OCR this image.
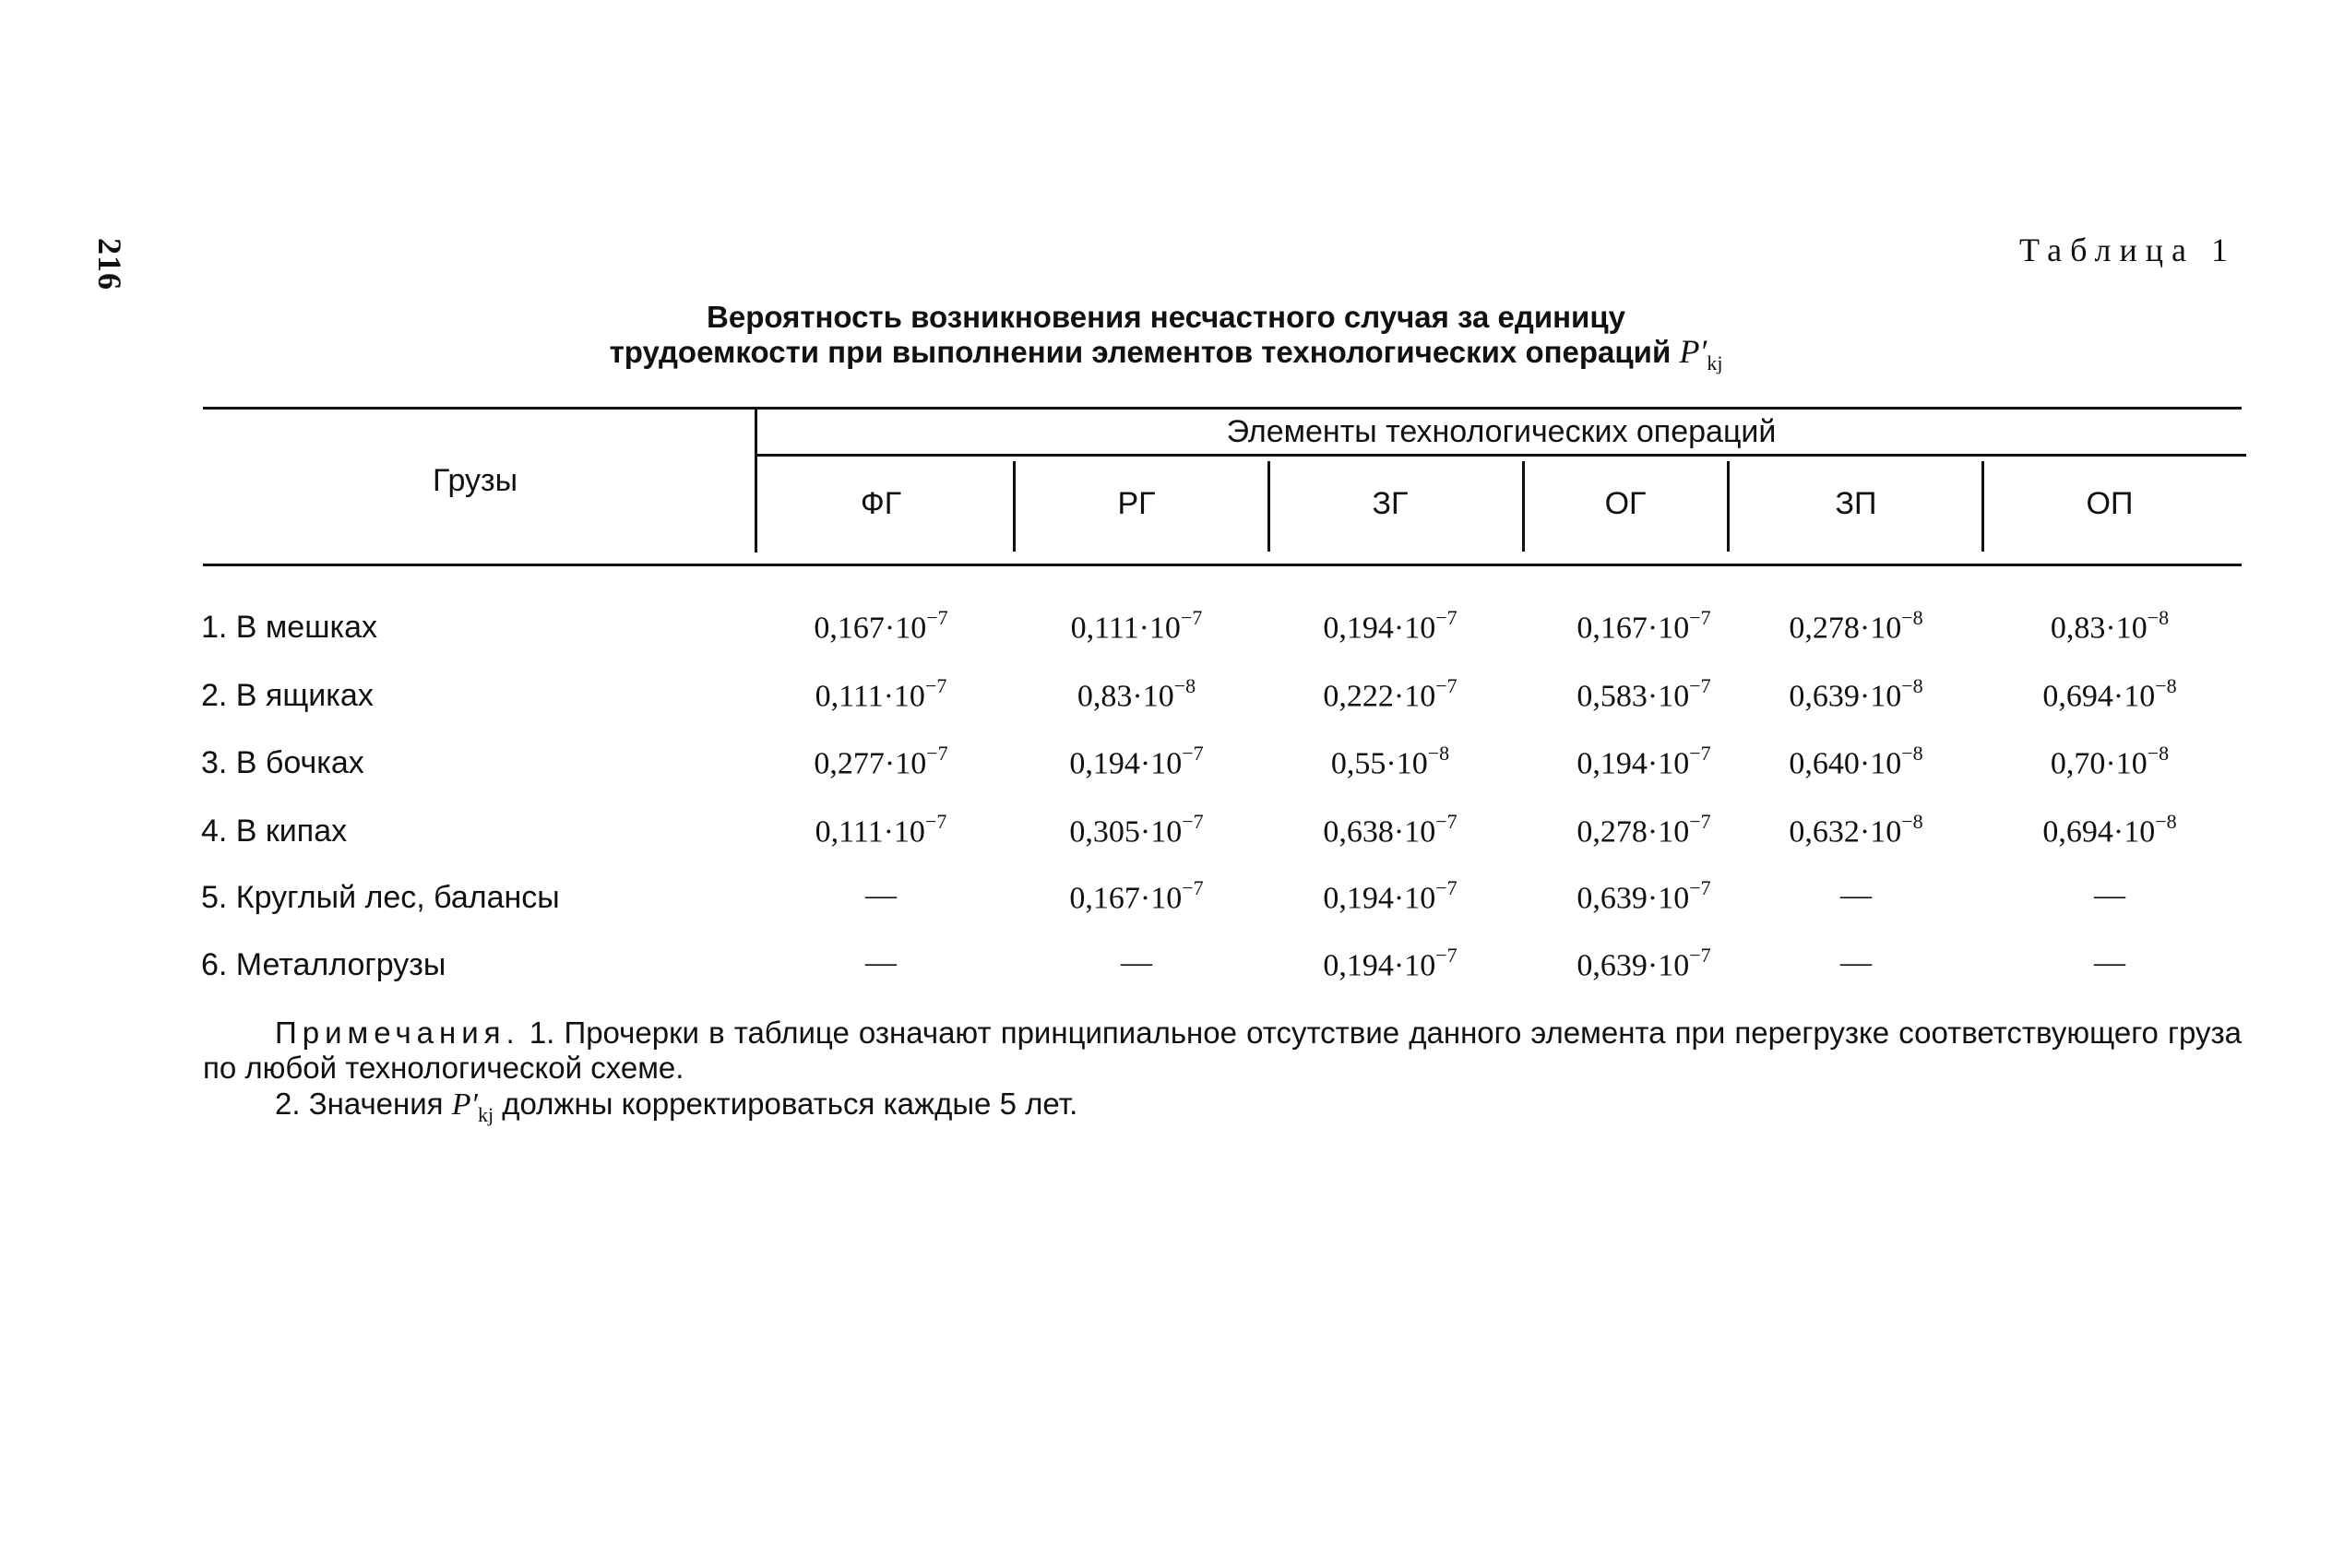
216	Таблица 1
Вероятность возникновения несчастного случая за единицу
трудоемкости при выполнении элементов технологических операций $P'_{kj}$
Грузы
Элементы технологических операций
ФГ	РГ	ЗГ	ОГ	ЗП	ОП
1. В мешках	$0,167\cdot 10^{-7}$	$0,111\cdot 10^{-7}$	$0,194\cdot 10^{-7}$	$0,167\cdot 10^{-7}$	$0,278\cdot 10^{-8}$	$0,83\cdot 10^{-8}$
2. В ящиках	$0,111\cdot 10^{-7}$	$0,83\cdot 10^{-8}$	$0,222\cdot 10^{-7}$	$0,583\cdot 10^{-7}$	$0,639\cdot 10^{-8}$	$0,694\cdot 10^{-8}$
3. В бочках	$0,277\cdot 10^{-7}$	$0,194\cdot 10^{-7}$	$0,55\cdot 10^{-8}$	$0,194\cdot 10^{-7}$	$0,640\cdot 10^{-8}$	$0,70\cdot 10^{-8}$
4. В кипах	$0,111\cdot 10^{-7}$	$0,305\cdot 10^{-7}$	$0,638\cdot 10^{-7}$	$0,278\cdot 10^{-7}$	$0,632\cdot 10^{-8}$	$0,694\cdot 10^{-8}$
5. Круглый лес, балансы	—	$0,167\cdot 10^{-7}$	$0,194\cdot 10^{-7}$	$0,639\cdot 10^{-7}$	—	—
6. Металлогрузы	—	—	$0,194\cdot 10^{-7}$	$0,639\cdot 10^{-7}$	—	—
Примечания. 1. Прочерки в таблице означают принципиальное отсутствие данного элемента при перегрузке соответствующего груза по любой технологической схеме.
2. Значения $P'_{kj}$ должны корректироваться каждые 5 лет.
